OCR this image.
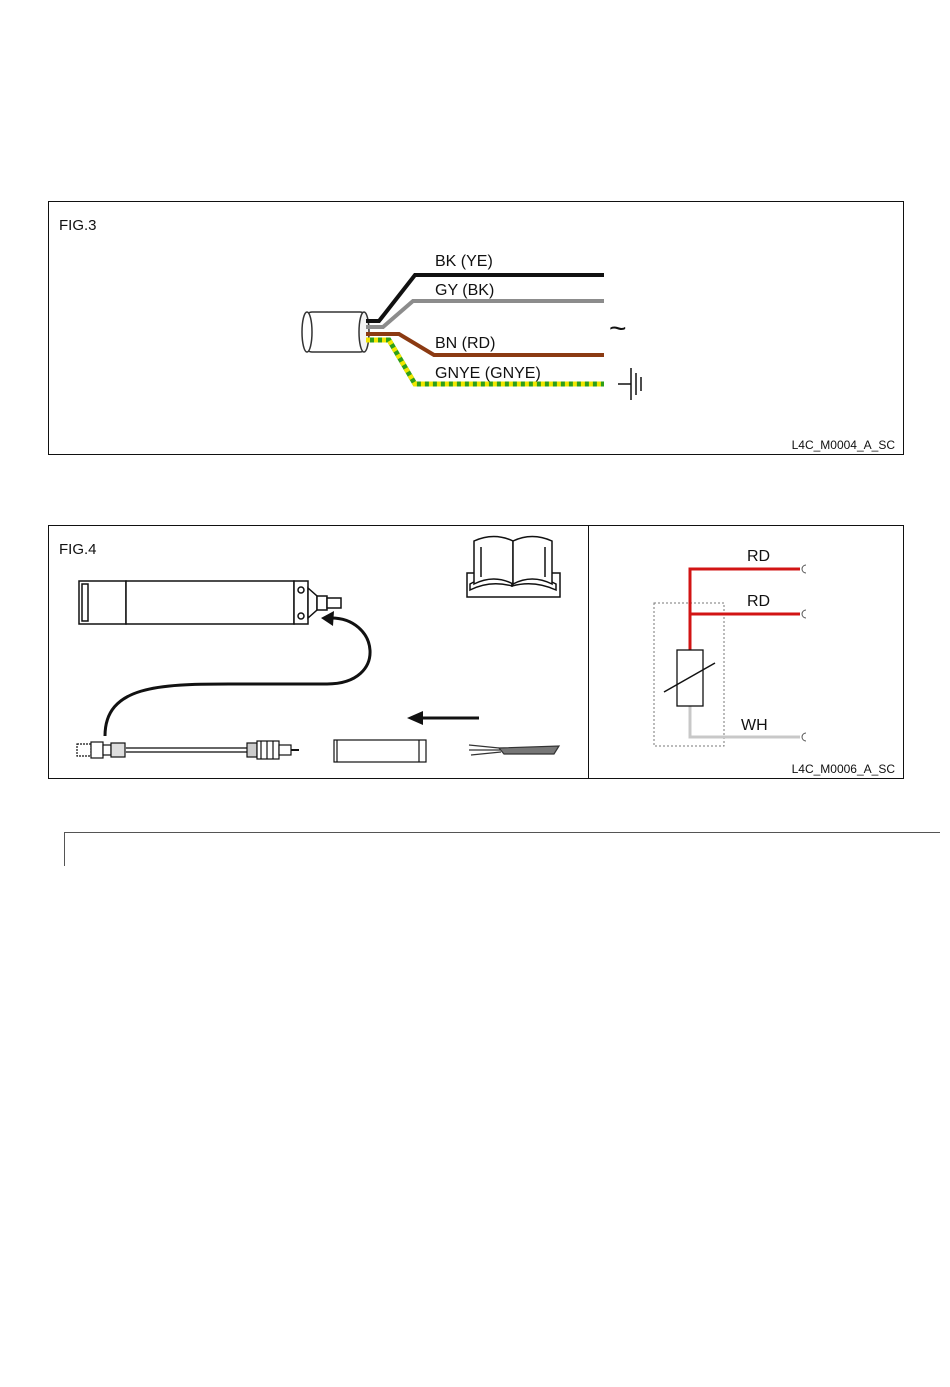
FIG.3
BK (YE)
GY (BK)
BN (RD)
GNYE (GNYE)
~
L4C_M0004_A_SC
FIG.4	RD
RD
WH
L4C_M0006_A_SC
